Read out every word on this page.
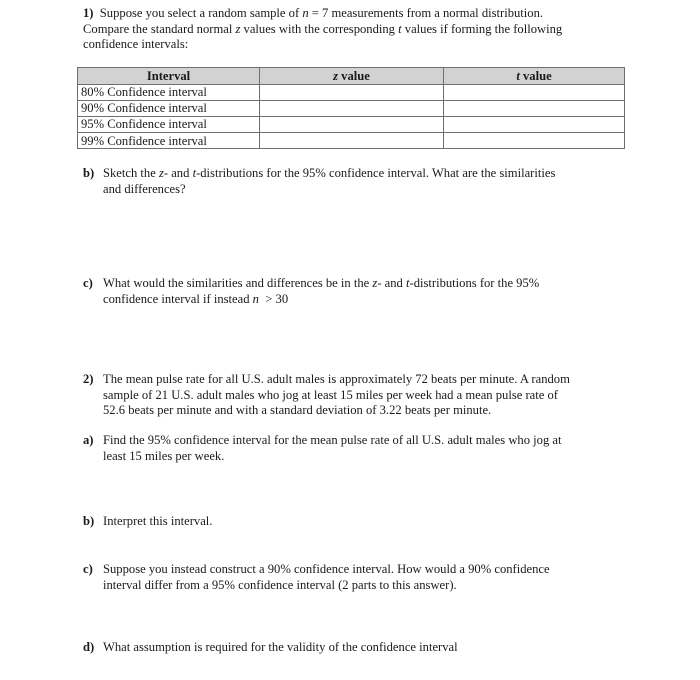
1) Suppose you select a random sample of n = 7 measurements from a normal distribution.
Compare the standard normal z values with the corresponding t values if forming the following
confidence intervals:
Interval	z value	t value
80% Confidence interval		
90% Confidence interval		
95% Confidence interval		
99% Confidence interval		
b) Sketch the z- and t-distributions for the 95% confidence interval. What are the similarities
and differences?
c) What would the similarities and differences be in the z- and t-distributions for the 95%
confidence interval if instead n  > 30
2) The mean pulse rate for all U.S. adult males is approximately 72 beats per minute. A random
sample of 21 U.S. adult males who jog at least 15 miles per week had a mean pulse rate of
52.6 beats per minute and with a standard deviation of 3.22 beats per minute.
a) Find the 95% confidence interval for the mean pulse rate of all U.S. adult males who jog at
least 15 miles per week.
b) Interpret this interval.
c) Suppose you instead construct a 90% confidence interval. How would a 90% confidence
interval differ from a 95% confidence interval (2 parts to this answer).
d) What assumption is required for the validity of the confidence interval
